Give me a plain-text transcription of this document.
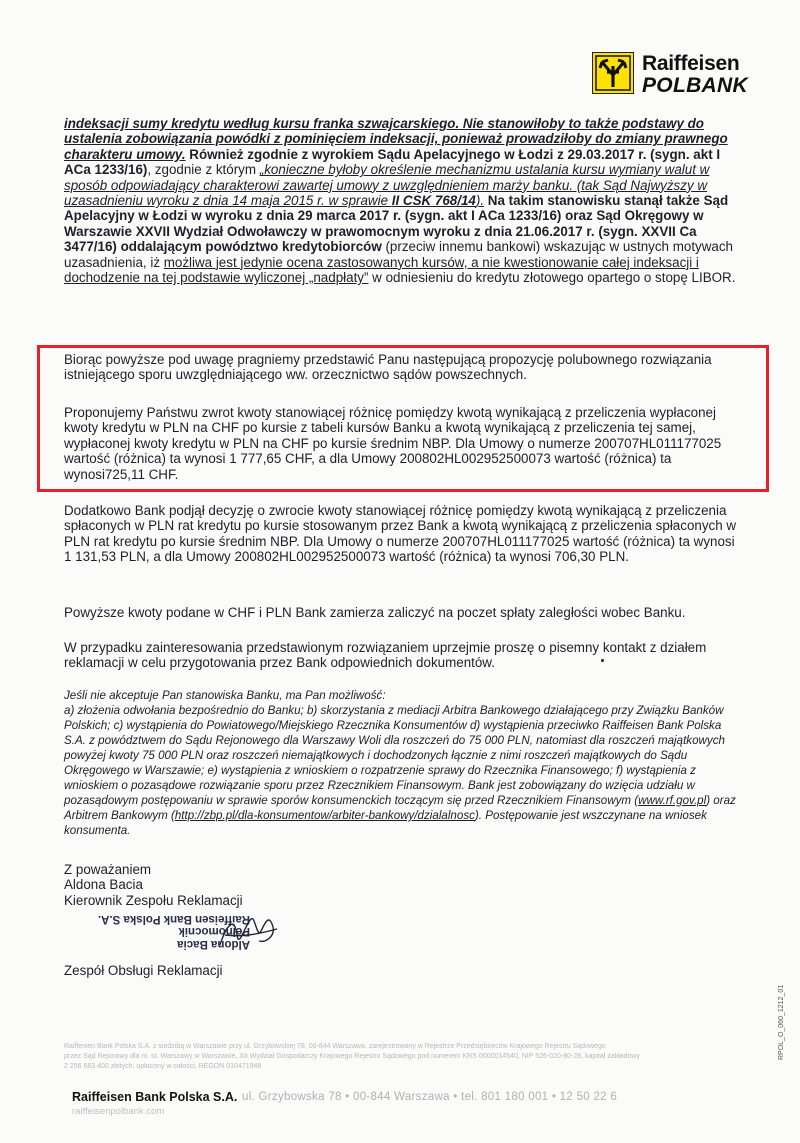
Raiffeisen
POLBANK
indeksacji sumy kredytu według kursu franka szwajcarskiego. Nie stanowiłoby to także podstawy do ustalenia zobowiązania powódki z pominięciem indeksacji, ponieważ prowadziłoby do zmiany prawnego charakteru umowy. Również zgodnie z wyrokiem Sądu Apelacyjnego w Łodzi z 29.03.2017 r. (sygn. akt I ACa 1233/16), zgodnie z którym „konieczne byłoby określenie mechanizmu ustalania kursu wymiany walut w sposób odpowiadający charakterowi zawartej umowy z uwzględnieniem marży banku. (tak Sąd Najwyższy w uzasadnieniu wyroku z dnia 14 maja 2015 r. w sprawie II CSK 768/14). Na takim stanowisku stanął także Sąd Apelacyjny w Łodzi w wyroku z dnia 29 marca 2017 r. (sygn. akt I ACa 1233/16) oraz Sąd Okręgowy w Warszawie XXVII Wydział Odwoławczy w prawomocnym wyroku z dnia 21.06.2017 r. (sygn. XXVII Ca 3477/16) oddalającym powództwo kredytobiorców (przeciw innemu bankowi) wskazując w ustnych motywach uzasadnienia, iż możliwa jest jedynie ocena zastosowanych kursów, a nie kwestionowanie całej indeksacji i dochodzenie na tej podstawie wyliczonej „nadpłaty” w odniesieniu do kredytu złotowego opartego o stopę LIBOR.
Biorąc powyższe pod uwagę pragniemy przedstawić Panu następującą propozycję polubownego rozwiązania istniejącego sporu uwzględniającego ww. orzecznictwo sądów powszechnych.
Proponujemy Państwu zwrot kwoty stanowiącej różnicę pomiędzy kwotą wynikającą z przeliczenia wypłaconej kwoty kredytu w PLN na CHF po kursie z tabeli kursów Banku a kwotą wynikającą z przeliczenia tej samej, wypłaconej kwoty kredytu w PLN na CHF po kursie średnim NBP. Dla Umowy o numerze 200707HL011177025 wartość (różnica) ta wynosi 1 777,65 CHF, a dla Umowy 200802HL002952500073 wartość (różnica) ta wynosi725,11 CHF.
Dodatkowo Bank podjął decyzję o zwrocie kwoty stanowiącej różnicę pomiędzy kwotą wynikającą z przeliczenia spłaconych w PLN rat kredytu po kursie stosowanym przez Bank a kwotą wynikającą z przeliczenia spłaconych w PLN rat kredytu po kursie średnim NBP. Dla Umowy o numerze 200707HL011177025 wartość (różnica) ta wynosi 1 131,53 PLN, a dla Umowy 200802HL002952500073 wartość (różnica) ta wynosi 706,30 PLN.
Powyższe kwoty podane w CHF i PLN Bank zamierza zaliczyć na poczet spłaty zaległości wobec Banku.
W przypadku zainteresowania przedstawionym rozwiązaniem uprzejmie proszę o pisemny kontakt z działem reklamacji w celu przygotowania przez Bank odpowiednich dokumentów.
Jeśli nie akceptuje Pan stanowiska Banku, ma Pan możliwość:
a) złożenia odwołania bezpośrednio do Banku; b) skorzystania z mediacji Arbitra Bankowego działającego przy Związku Banków Polskich; c) wystąpienia do Powiatowego/Miejskiego Rzecznika Konsumentów d) wystąpienia przeciwko Raiffeisen Bank Polska S.A. z powództwem do Sądu Rejonowego dla Warszawy Woli dla roszczeń do 75 000 PLN, natomiast dla roszczeń majątkowych powyżej kwoty 75 000 PLN oraz roszczeń niemajątkowych i dochodzonych łącznie z nimi roszczeń majątkowych do Sądu Okręgowego w Warszawie; e) wystąpienia z wnioskiem o rozpatrzenie sprawy do Rzecznika Finansowego; f) wystąpienia z wnioskiem o pozasądowe rozwiązanie sporu przez Rzecznikiem Finansowym. Bank jest zobowiązany do wzięcia udziału w pozasądowym postępowaniu w sprawie sporów konsumenckich toczącym się przed Rzecznikiem Finansowym (www.rf.gov.pl) oraz Arbitrem Bankowym (http://zbp.pl/dla-konsumentow/arbiter-bankowy/dzialalnosc). Postępowanie jest wszczynane na wniosek konsumenta.
Z poważaniem
Aldona Bacia
Kierownik Zespołu Reklamacji
Aldona Bacia
Pełnomocnik
Raiffeisen Bank Polska S.A.
Zespół Obsługi Reklamacji
Raiffeisen Bank Polska S.A. z siedzibą w Warszawie przy ul. Grzybowskiej 78, 00-844 Warszawa, zarejestrowany w Rejestrze Przedsiębiorców Krajowego Rejestru Sądowego
przez Sąd Rejonowy dla m. st. Warszawy w Warszawie, XII Wydział Gospodarczy Krajowego Rejestru Sądowego pod numerem KRS 0000014540, NIP 526-020-80-28, kapitał zakładowy
2 256 683 400 złotych, opłacony w całości, REGON 010471948
Raiffeisen Bank Polska S.A. ul. Grzybowska 78 • 00-844 Warszawa • tel. 801 180 001 • 12 50 22 6
raiffeisenpolbank.com
RPOL_O_060_1212_01
